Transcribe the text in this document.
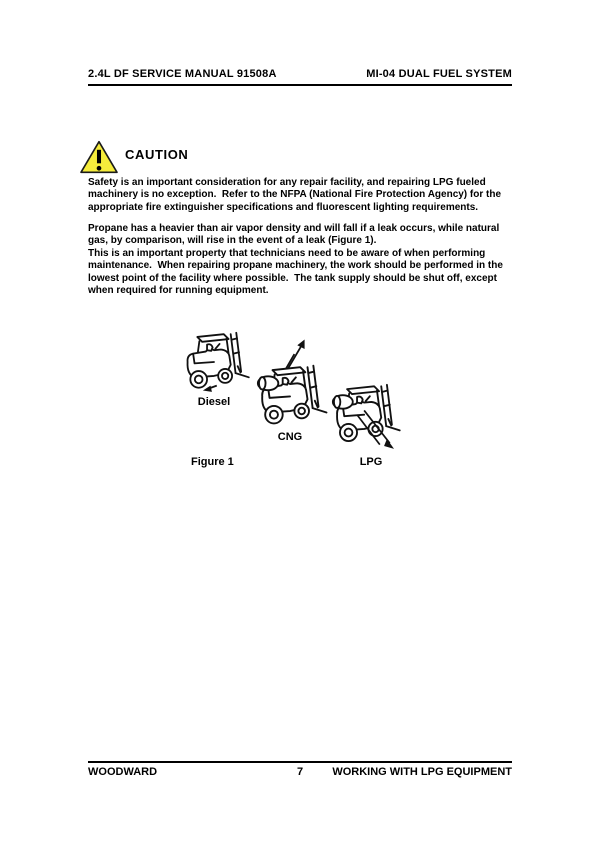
2.4L DF SERVICE MANUAL 91508A	MI-04 DUAL FUEL SYSTEM
CAUTION
Safety is an important consideration for any repair facility, and repairing LPG fueled
machinery is no exception.  Refer to the NFPA (National Fire Protection Agency) for the
appropriate fire extinguisher specifications and fluorescent lighting requirements.
Propane has a heavier than air vapor density and will fall if a leak occurs, while natural
gas, by comparison, will rise in the event of a leak (Figure 1).
This is an important property that technicians need to be aware of when performing
maintenance.  When repairing propane machinery, the work should be performed in the
lowest point of the facility where possible.  The tank supply should be shut off, except
when required for running equipment.
Diesel
CNG
LPG
Figure 1
WOODWARD	7	WORKING WITH LPG EQUIPMENT
